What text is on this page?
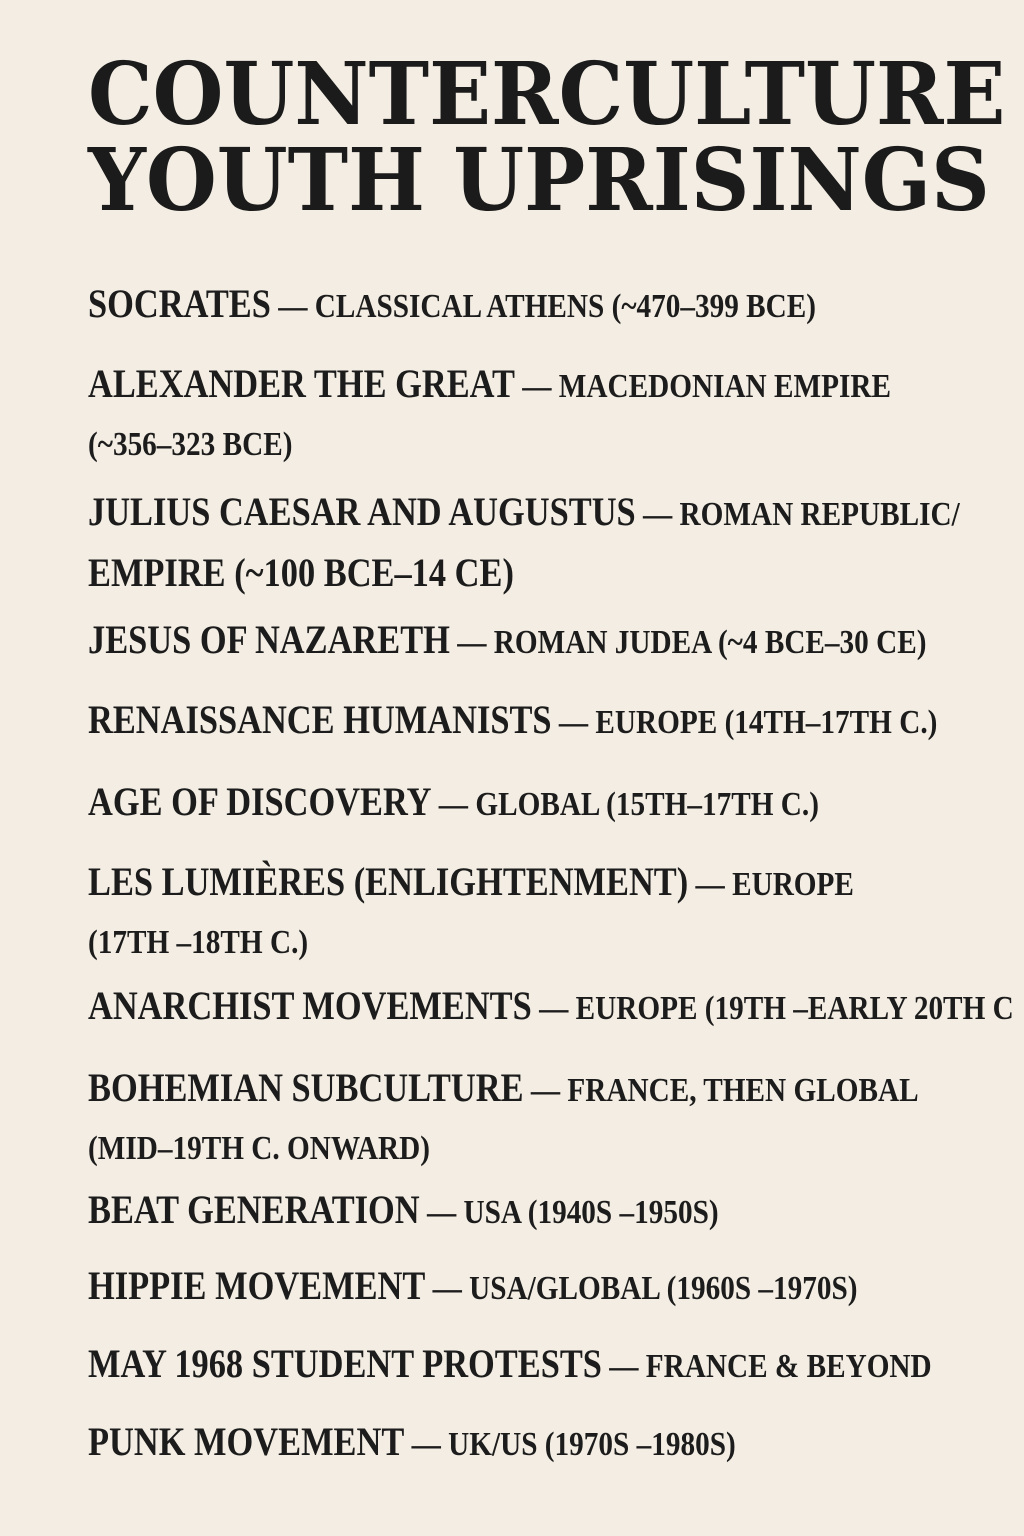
COUNTERCULTURE
YOUTH UPRISINGS
SOCRATES — CLASSICAL ATHENS (~470–399 BCE)
ALEXANDER THE GREAT — MACEDONIAN EMPIRE
(~356–323 BCE)
JULIUS CAESAR AND AUGUSTUS — ROMAN REPUBLIC/
EMPIRE (~100 BCE–14 CE)
JESUS OF NAZARETH — ROMAN JUDEA (~4 BCE–30 CE)
RENAISSANCE HUMANISTS — EUROPE (14TH–17TH C.)
AGE OF DISCOVERY — GLOBAL (15TH–17TH C.)
LES LUMIÈRES (ENLIGHTENMENT) — EUROPE
(17TH –18TH C.)
ANARCHIST MOVEMENTS — EUROPE (19TH –EARLY 20TH C
BOHEMIAN SUBCULTURE — FRANCE, THEN GLOBAL
(MID–19TH C. ONWARD)
BEAT GENERATION — USA (1940S –1950S)
HIPPIE MOVEMENT — USA/GLOBAL (1960S –1970S)
MAY 1968 STUDENT PROTESTS — FRANCE & BEYOND
PUNK MOVEMENT — UK/US (1970S –1980S)
